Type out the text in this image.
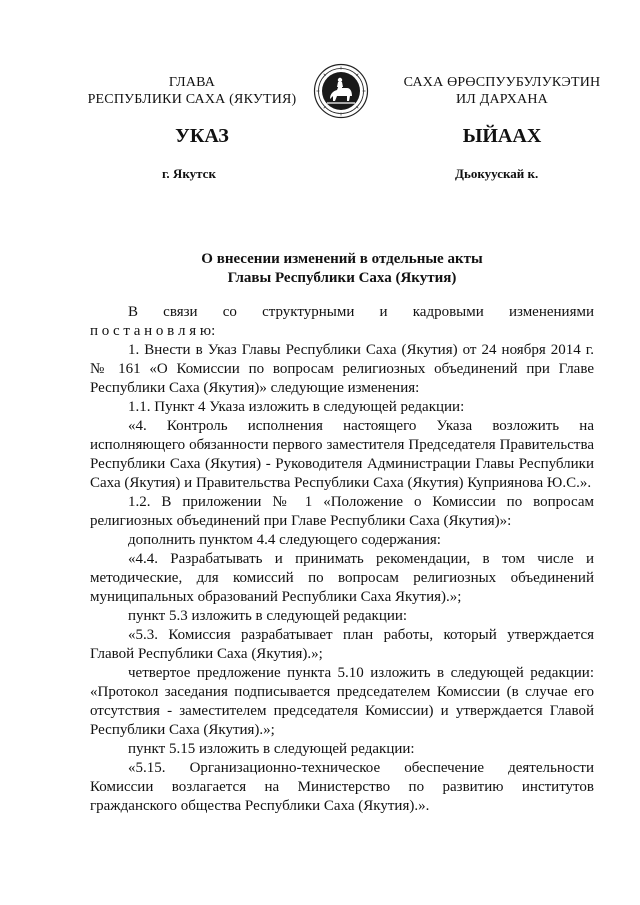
ГЛАВА
РЕСПУБЛИКИ САХА (ЯКУТИЯ)
САХА ӨРӨСПУУБУЛУКЭТИН
ИЛ ДАРХАНА
УКАЗ	ЫЙААХ
г. Якутск	Дьокуускай к.
О внесении изменений в отдельные акты
Главы Республики Саха (Якутия)

В связи со структурными и кадровыми изменениями

п о с т а н о в л я ю:

1. Внести в Указ Главы Республики Саха (Якутия) от 24 ноября 2014 г. № 161 «О Комиссии по вопросам религиозных объединений при Главе Республики Саха (Якутия)» следующие изменения:

1.1. Пункт 4 Указа изложить в следующей редакции:

«4. Контроль исполнения настоящего Указа возложить на исполняющего обязанности первого заместителя Председателя Правительства Республики Саха (Якутия) - Руководителя Администрации Главы Республики Саха (Якутия) и Правительства Республики Саха (Якутия) Куприянова Ю.С.».

1.2. В приложении № 1 «Положение о Комиссии по вопросам религиозных объединений при Главе Республики Саха (Якутия)»:

дополнить пунктом 4.4 следующего содержания:

«4.4. Разрабатывать и принимать рекомендации, в том числе и методические, для комиссий по вопросам религиозных объединений муниципальных образований Республики Саха Якутия).»;

пункт 5.3 изложить в следующей редакции:

«5.3. Комиссия разрабатывает план работы, который утверждается Главой Республики Саха (Якутия).»;

четвертое предложение пункта 5.10 изложить в следующей редакции: «Протокол заседания подписывается председателем Комиссии (в случае его отсутствия - заместителем председателя Комиссии) и утверждается Главой Республики Саха (Якутия).»;

пункт 5.15 изложить в следующей редакции:

«5.15. Организационно-техническое обеспечение деятельности Комиссии возлагается на Министерство по развитию институтов гражданского общества Республики Саха (Якутия).».
